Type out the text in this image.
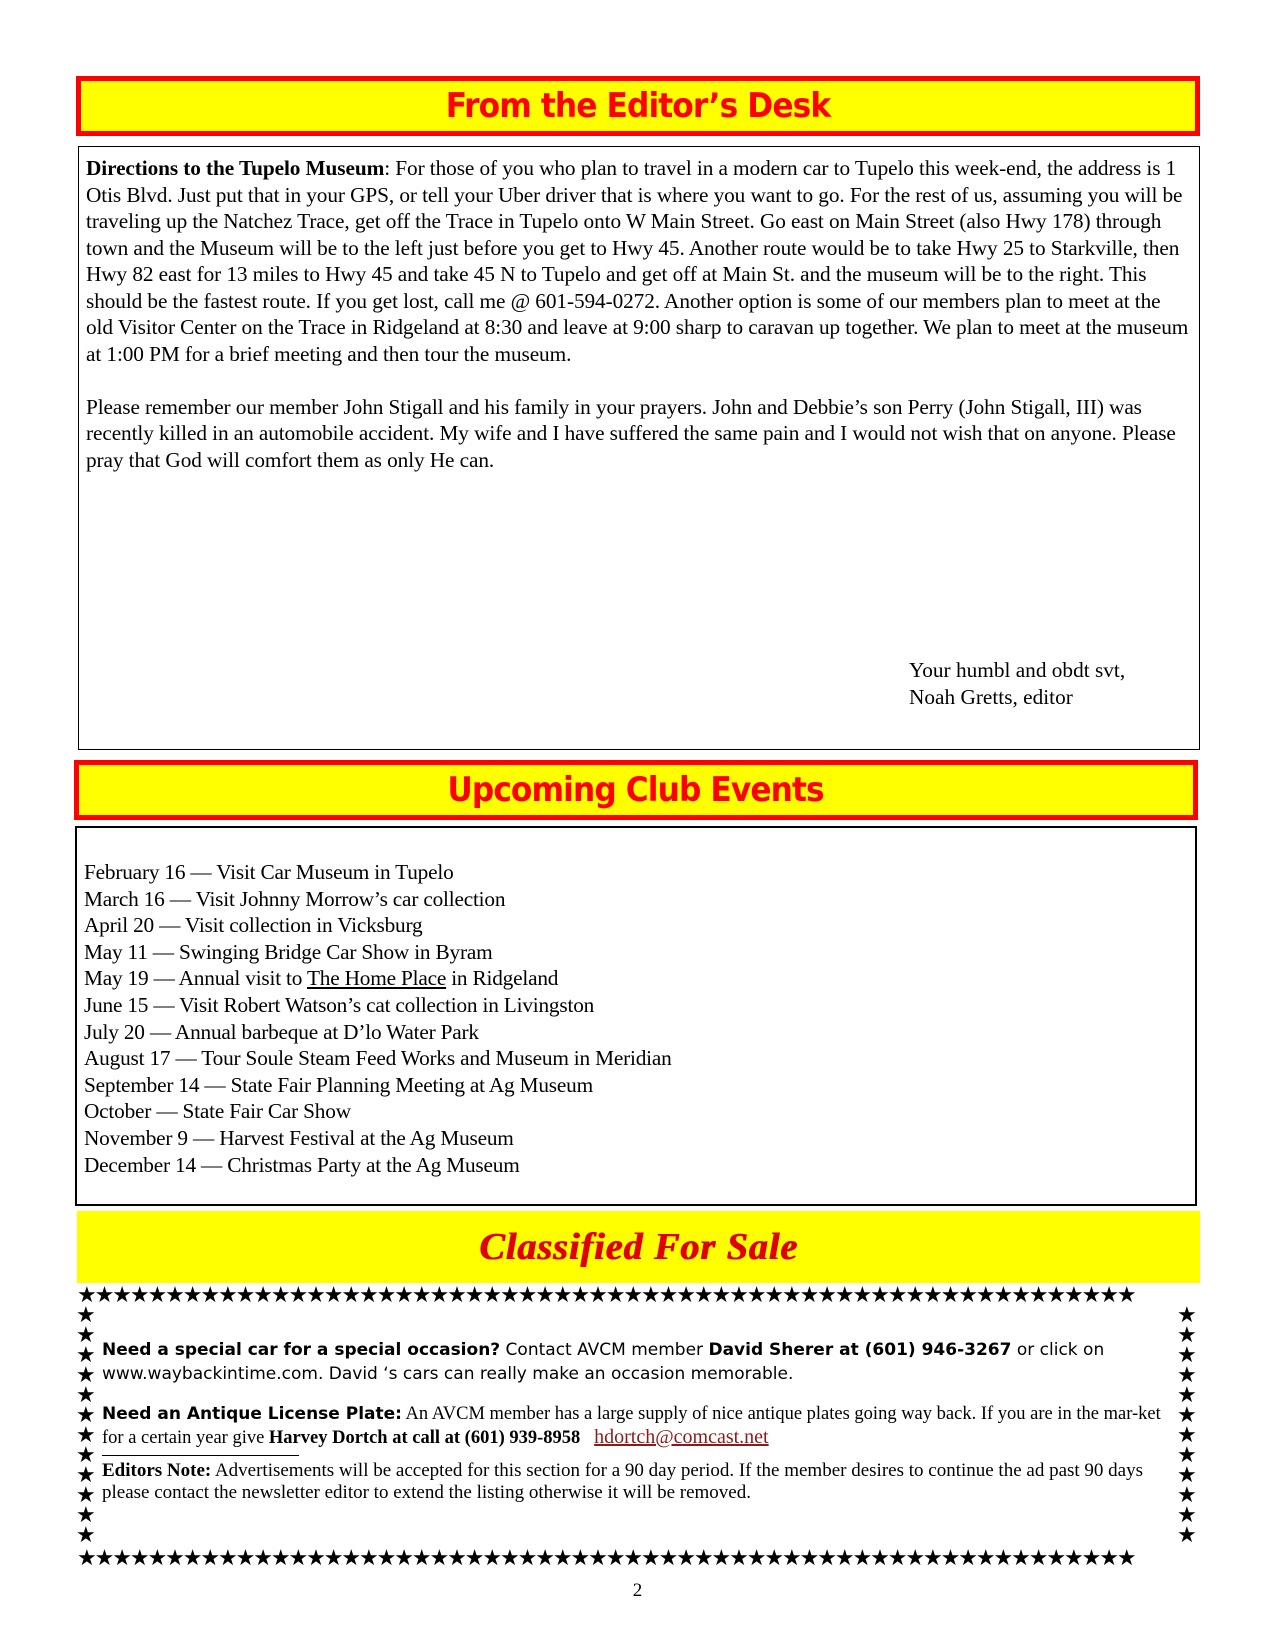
From the Editor’s Desk

Directions to the Tupelo Museum: For those of you who plan to travel in a modern car to Tupelo this week-end, the address is 1 Otis Blvd. Just put that in your GPS, or tell your Uber driver that is where you want to go. For the rest of us, assuming you will be traveling up the Natchez Trace, get off the Trace in Tupelo onto W Main Street. Go east on Main Street (also Hwy 178) through town and the Museum will be to the left just before you get to Hwy 45. Another route would be to take Hwy 25 to Starkville, then Hwy 82 east for 13 miles to Hwy 45 and take 45 N to Tupelo and get off at Main St. and the museum will be to the right. This should be the fastest route. If you get lost, call me @ 601-594-0272. Another option is some of our members plan to meet at the old Visitor Center on the Trace in Ridgeland at 8:30 and leave at 9:00 sharp to caravan up together. We plan to meet at the museum at 1:00 PM for a brief meeting and then tour the museum.

Please remember our member John Stigall and his family in your prayers. John and Debbie’s son Perry (John Stigall, III) was recently killed in an automobile accident. My wife and I have suffered the same pain and I would not wish that on anyone. Please pray that God will comfort them as only He can.

Your humbl and obdt svt,
Noah Gretts, editor
Upcoming Club Events

February 16 — Visit Car Museum in Tupelo

March 16 — Visit Johnny Morrow’s car collection

April 20 — Visit collection in Vicksburg

May 11 — Swinging Bridge Car Show in Byram

May 19 — Annual visit to The Home Place in Ridgeland

June 15 — Visit Robert Watson’s cat collection in Livingston

July 20 — Annual barbeque at D’lo Water Park

August 17 — Tour Soule Steam Feed Works and Museum in Meridian

September 14 — State Fair Planning Meeting at Ag Museum

October — State Fair Car Show

November 9 — Harvest Festival at the Ag Museum

December 14 — Christmas Party at the Ag Museum

Classified For Sale
★★★★★★★★★★★★★★★★★★★★★★★★★★★★★★★★★★★★★★★★★★★★★★★★★★★★★★★★★★★★
★
★
★
★
★
★
★
★
★
★
★
★
★
★
★
★
★
★
★
★
★
★
★
★
★★★★★★★★★★★★★★★★★★★★★★★★★★★★★★★★★★★★★★★★★★★★★★★★★★★★★★★★★★★★
Need a special car for a special occasion? Contact AVCM member David Sherer at (601) 946-3267 or click on
www.waybackintime.com. David ‘s cars can really make an occasion memorable.
Need an Antique License Plate: An AVCM member has a large supply of nice antique plates going way back. If you are in the mar-ket for a certain year give Harvey Dortch at call at (601) 939-8958 hdortch@comcast.net
Editors Note: Advertisements will be accepted for this section for a 90 day period. If the member desires to continue the ad past 90 days please contact the newsletter editor to extend the listing otherwise it will be removed.
2
